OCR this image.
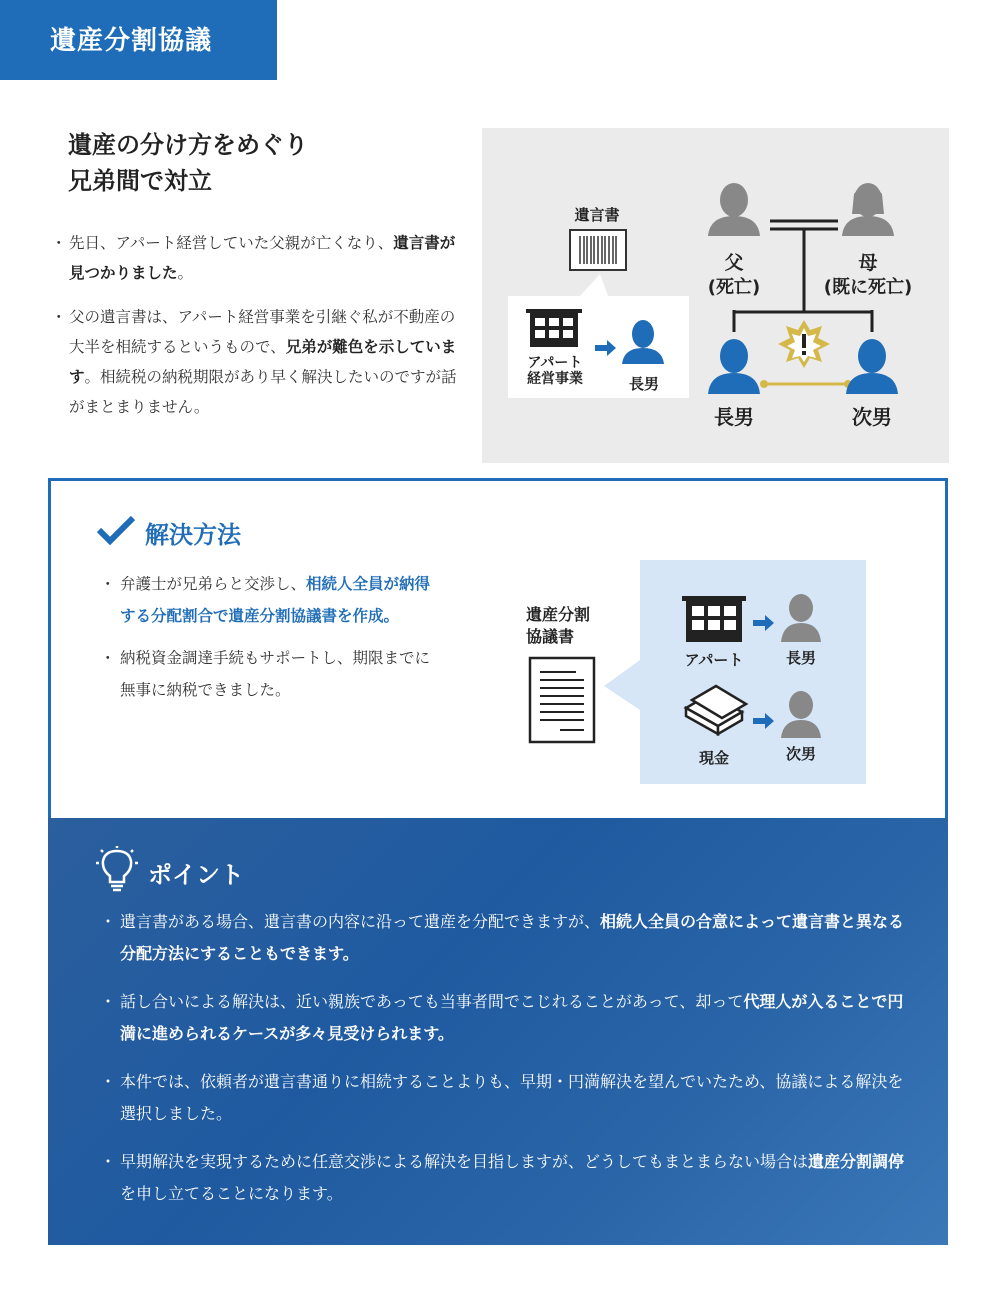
遺産分割協議
遺産の分け方をめぐり
兄弟間で対立
・ 先日、アパート経営していた父親が亡くなり、遺言書が見つかりました。
・ 父の遺言書は、アパート経営事業を引継ぐ私が不動産の大半を相続するというもので、兄弟が難色を示しています。相続税の納税期限があり早く解決したいのですが話がまとまりません。
遺言書
アパート
経営事業	長男
父
(死亡)
母
(既に死亡)
長男	次男
解決方法
・ 弁護士が兄弟らと交渉し、相続人全員が納得する分配割合で遺産分割協議書を作成。
・ 納税資金調達手続もサポートし、期限までに無事に納税できました。
遺産分割
協議書
アパート	長男
現金	次男
ポイント
・ 遺言書がある場合、遺言書の内容に沿って遺産を分配できますが、相続人全員の合意によって遺言書と異なる分配方法にすることもできます。
・ 話し合いによる解決は、近い親族であっても当事者間でこじれることがあって、却って代理人が入ることで円満に進められるケースが多々見受けられます。
・ 本件では、依頼者が遺言書通りに相続することよりも、早期・円満解決を望んでいたため、協議による解決を選択しました。
・ 早期解決を実現するために任意交渉による解決を目指しますが、どうしてもまとまらない場合は遺産分割調停を申し立てることになります。
